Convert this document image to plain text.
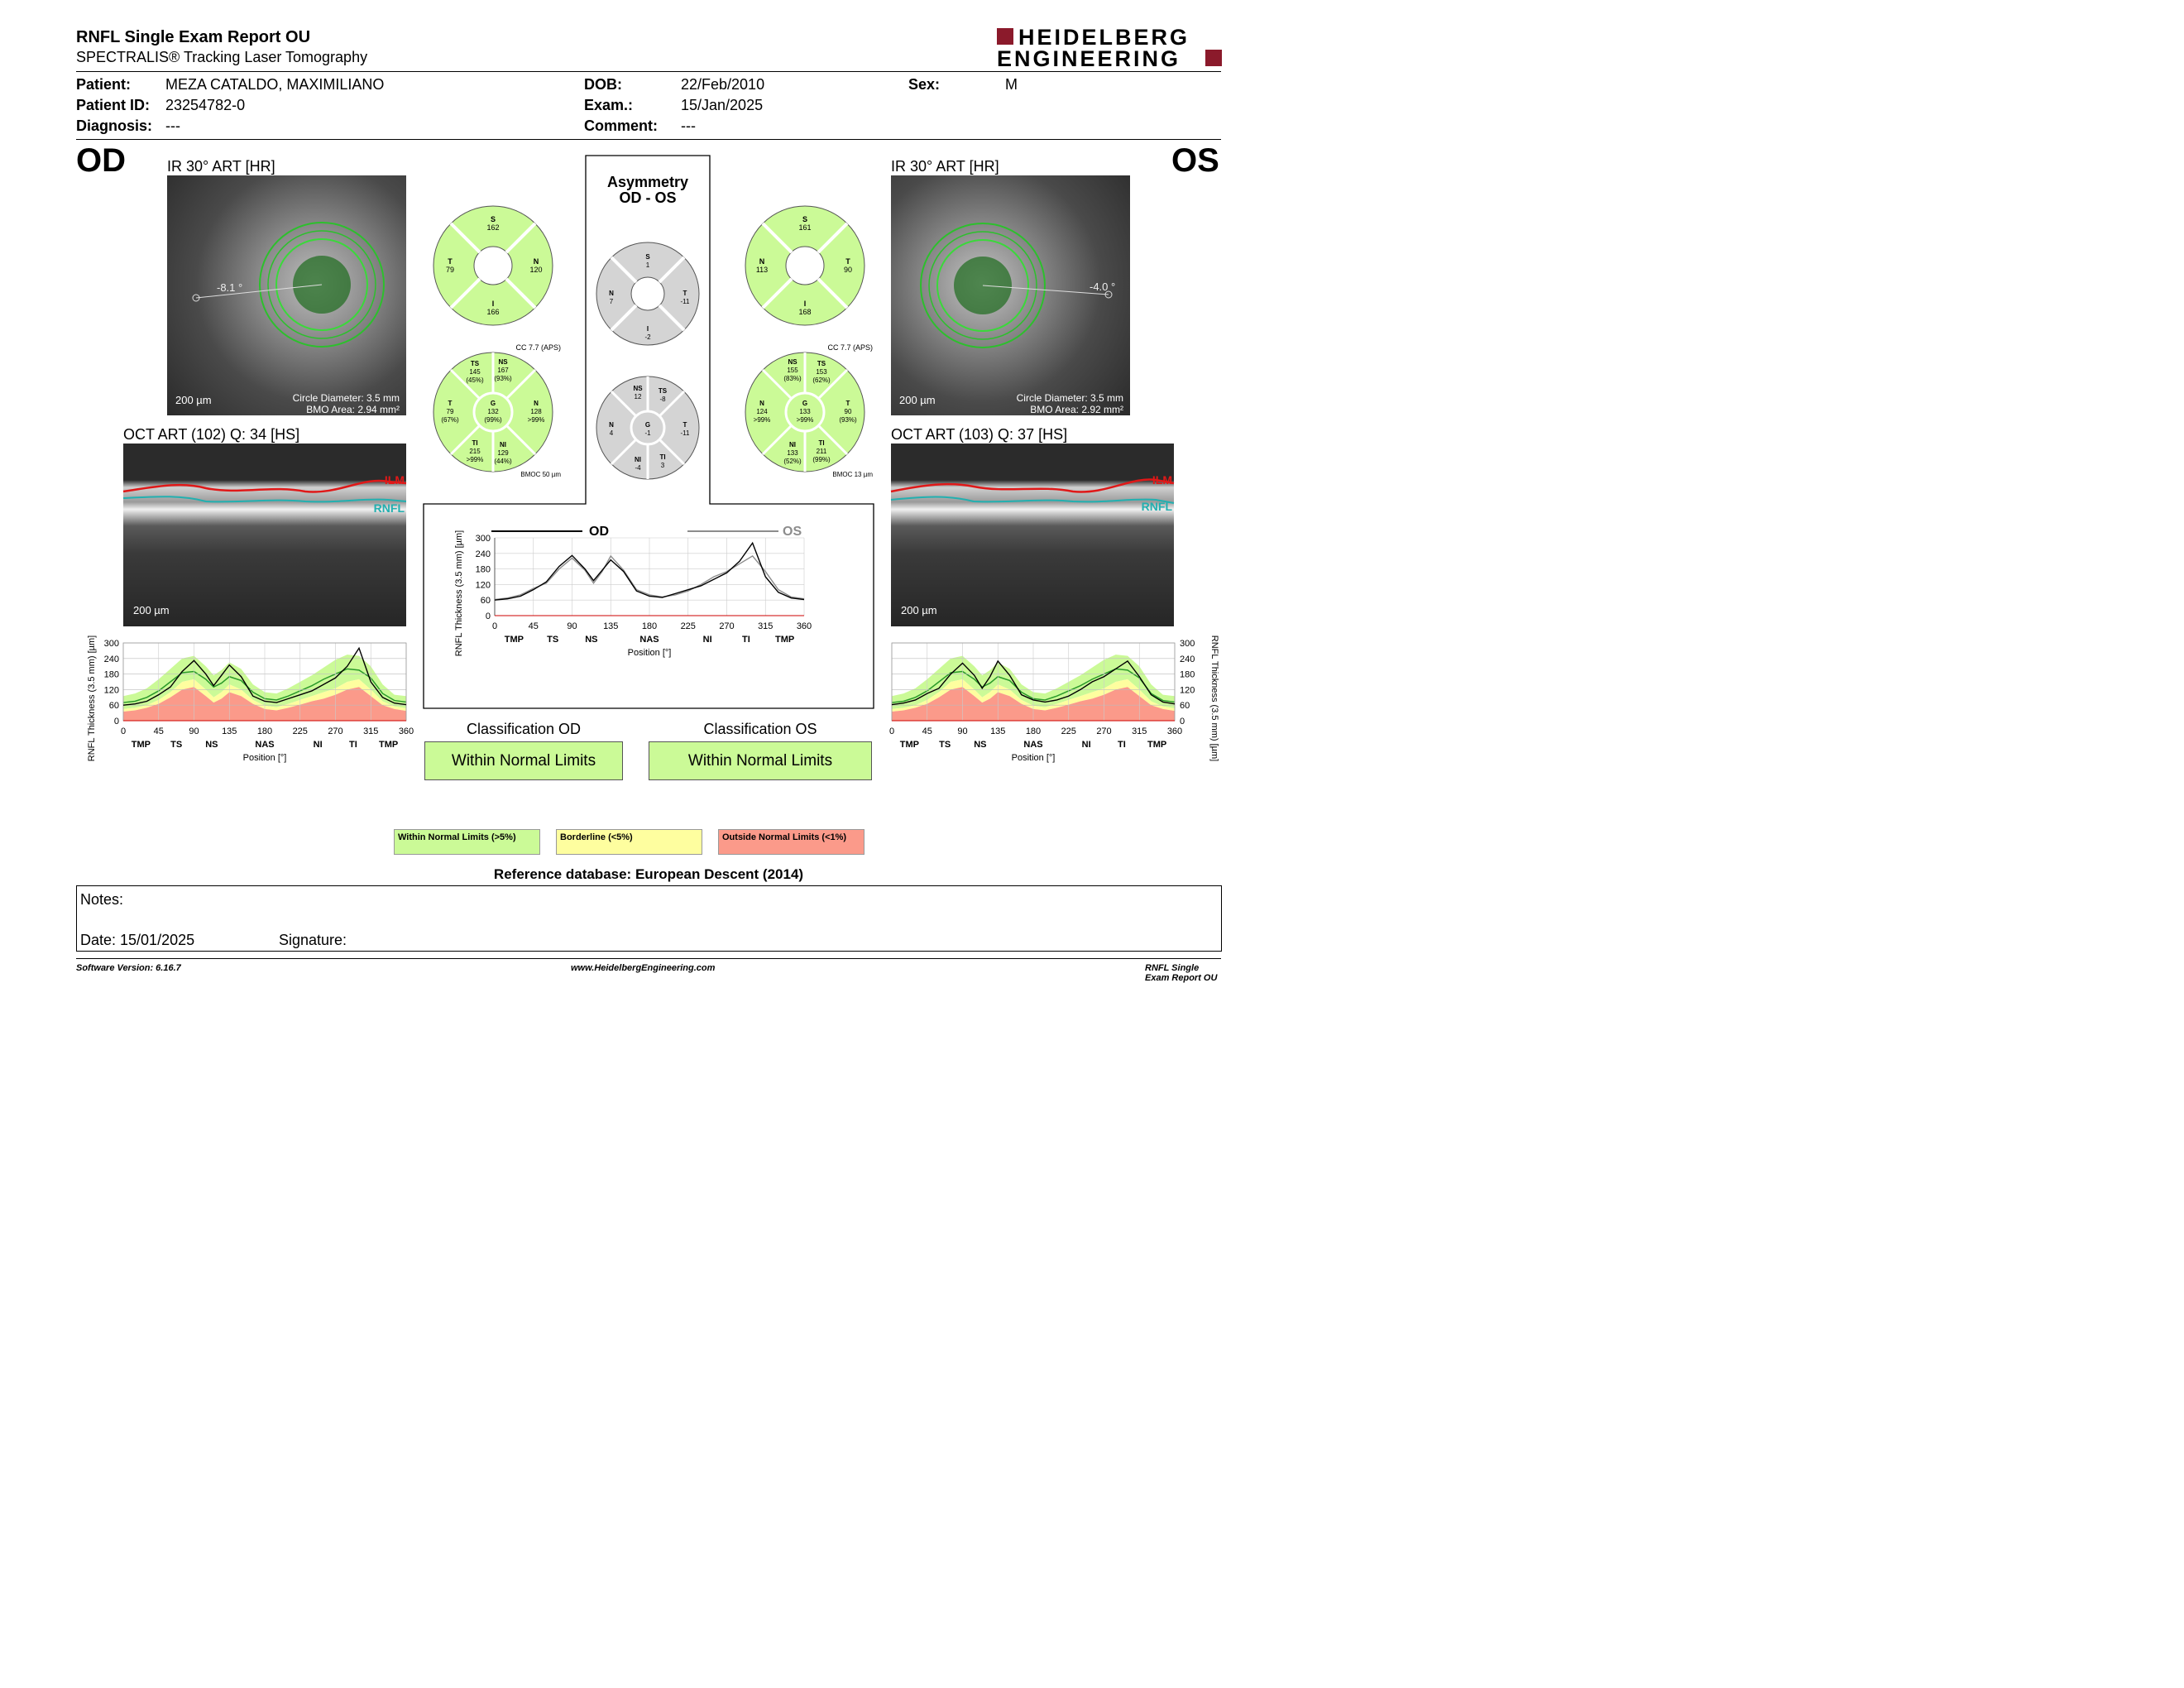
RNFL Single Exam Report OU
SPECTRALIS® Tracking Laser Tomography
HEIDELBERG
ENGINEERING
Patient: MEZA CATALDO, MAXIMILIANO
Patient ID: 23254782-0
Diagnosis: ---
DOB:	22/Feb/2010
Exam.:	15/Jan/2025
Comment: ---
Sex:	M
OD	OS
IR 30° ART [HR]
-8.1 °
200 µm	Circle Diameter: 3.5 mm
BMO Area: 2.94 mm²
IR 30° ART [HR]
-4.0 °
200 µm	Circle Diameter: 3.5 mm
BMO Area: 2.92 mm²
OCT ART (102) Q: 34 [HS]
ILM
RNFL
200 µm
OCT ART (103) Q: 37 [HS]
ILM
RNFL
200 µm
Asymmetry
OD - OS
S
162
T
79
N
120
I
166
CC 7.7 (APS)
TS
145
(45%)
NS
167
(93%)
T
79
(67%)
G
132
(99%)
N
128
>99%
TI
215
>99%
NI
129
(44%)
BMOC 50 µm
S
161
N
113
T
90
I
168
CC 7.7 (APS)
NS
155
(83%)
TS
153
(62%)
N
124
>99%
G
133
>99%
T
90
(93%)
NI
133
(52%)
TI
211
(99%)
BMOC 13 µm
S
1
N
7
T
-11
I
-2
NS
12
TS
-8
N
4
G
-1
T
-11
NI
-4
TI
3
0
60
120
180
240
300
0	45	90 135 180 225 270 315 360
TMP TS	NS	NAS	NI	TI TMP
Position [°]
RNFL Thickness (3.5 mm) [µm]
OD	OS
0
60
120
180
240
300
0	45	90	135	180	225	270	315	360
TMP	TS	NS	NAS	NI	TI	TMP
Position [°]
RNFL Thickness (3.5 mm) [µm]
0
60
120
180
240
300
0	45	90 135 180 225 270 315 360
TMP TS	NS	NAS	NI	TI TMP
Position [°]	RNFL Thickness (3.5 mm) [µm]
Classification OD
Within Normal Limits
Classification OS
Within Normal Limits
Within Normal Limits (>5%)	Borderline (<5%)	Outside Normal Limits (<1%)
Reference database: European Descent (2014)
Notes:
Date: 15/01/2025	Signature:
Software Version: 6.16.7	www.HeidelbergEngineering.com	RNFL Single Exam Report OU
